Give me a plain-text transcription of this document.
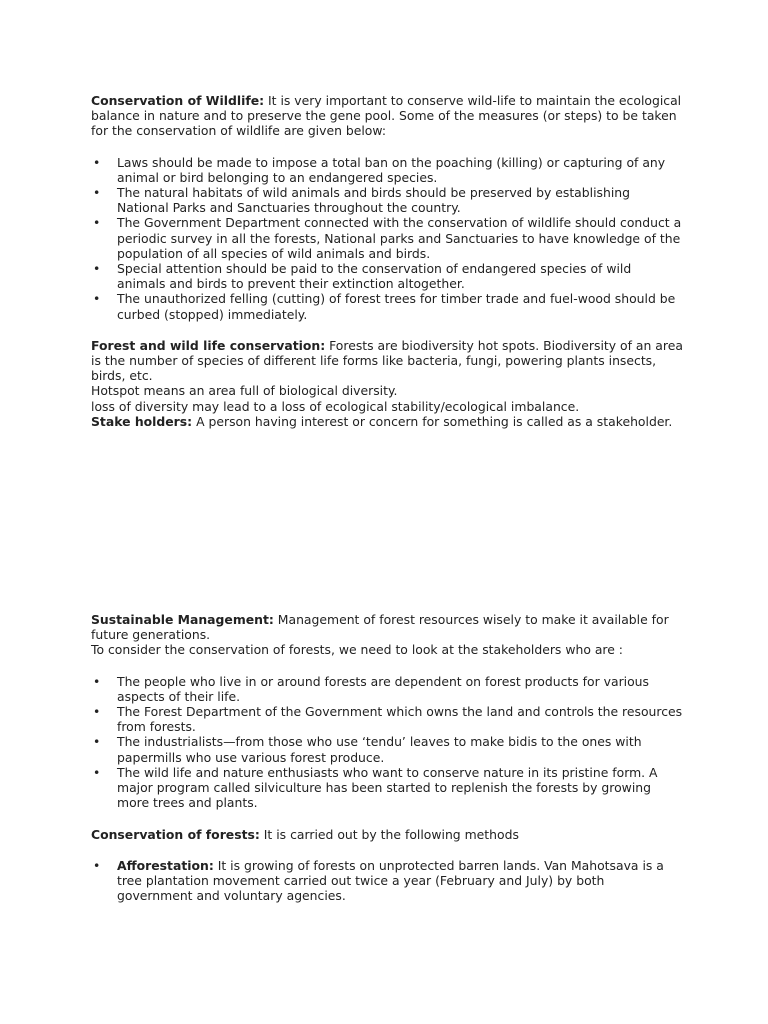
Conservation of Wildlife: It is very important to conserve wild-life to maintain the ecological balance in nature and to preserve the gene pool. Some of the measures (or steps) to be taken for the conservation of wildlife are given below:

• Laws should be made to impose a total ban on the poaching (killing) or capturing of any animal or bird belonging to an endangered species.
• The natural habitats of wild animals and birds should be preserved by establishing National Parks and Sanctuaries throughout the country.
• The Government Department connected with the conservation of wildlife should conduct a periodic survey in all the forests, National parks and Sanctuaries to have knowledge of the population of all species of wild animals and birds.
• Special attention should be paid to the conservation of endangered species of wild animals and birds to prevent their extinction altogether.
• The unauthorized felling (cutting) of forest trees for timber trade and fuel-wood should be curbed (stopped) immediately.

Forest and wild life conservation: Forests are biodiversity hot spots. Biodiversity of an area is the number of species of different life forms like bacteria, fungi, powering plants insects, birds, etc.

Hotspot means an area full of biological diversity.

loss of diversity may lead to a loss of ecological stability/ecological imbalance.

Stake holders: A person having interest or concern for something is called as a stakeholder.

Sustainable Management: Management of forest resources wisely to make it available for future generations.

To consider the conservation of forests, we need to look at the stakeholders who are :

• The people who live in or around forests are dependent on forest products for various aspects of their life.
• The Forest Department of the Government which owns the land and controls the resources from forests.
• The industrialists—from those who use ‘tendu’ leaves to make bidis to the ones with papermills who use various forest produce.
• The wild life and nature enthusiasts who want to conserve nature in its pristine form. A major program called silviculture has been started to replenish the forests by growing more trees and plants.

Conservation of forests: It is carried out by the following methods

• Afforestation: It is growing of forests on unprotected barren lands. Van Mahotsava is a tree plantation movement carried out twice a year (February and July) by both government and voluntary agencies.
